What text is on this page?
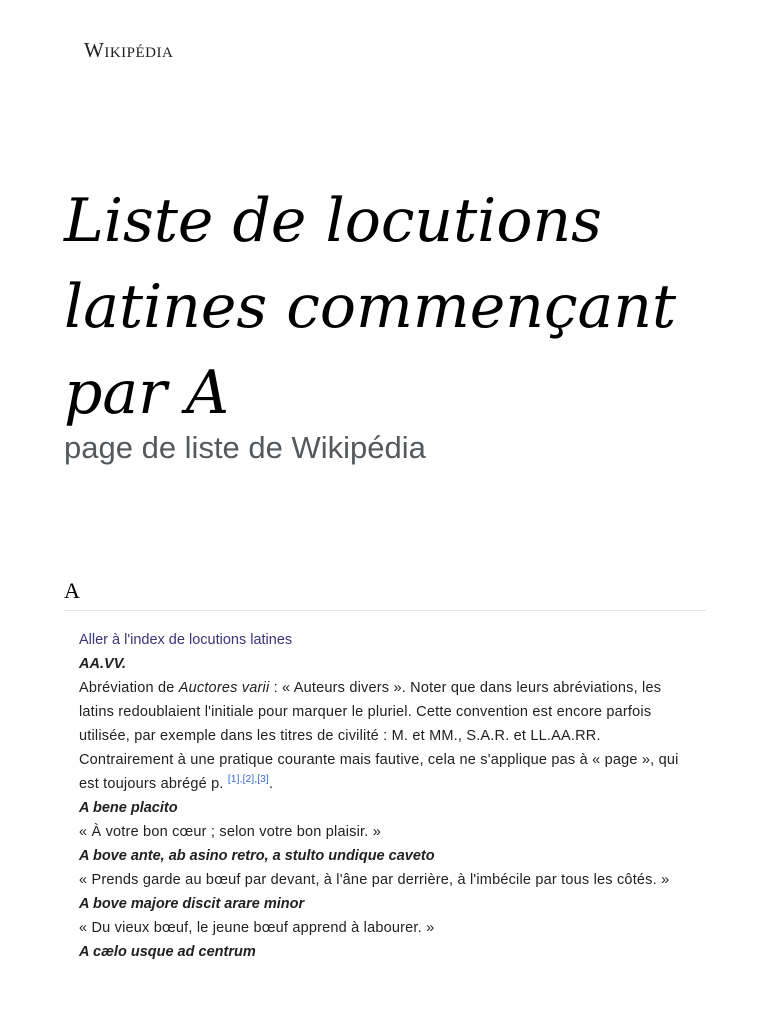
Wikipédia
Liste de locutions latines commençant par A
page de liste de Wikipédia
A
Aller à l'index de locutions latines
AA.VV.
Abréviation de Auctores varii : « Auteurs divers ». Noter que dans leurs abréviations, les latins redoublaient l'initiale pour marquer le pluriel. Cette convention est encore parfois utilisée, par exemple dans les titres de civilité : M. et MM., S.A.R. et LL.AA.RR. Contrairement à une pratique courante mais fautive, cela ne s'applique pas à « page », qui est toujours abrégé p. [1],[2],[3].
A bene placito
« À votre bon cœur ; selon votre bon plaisir. »
A bove ante, ab asino retro, a stulto undique caveto
« Prends garde au bœuf par devant, à l'âne par derrière, à l'imbécile par tous les côtés. »
A bove majore discit arare minor
« Du vieux bœuf, le jeune bœuf apprend à labourer. »
A cælo usque ad centrum
